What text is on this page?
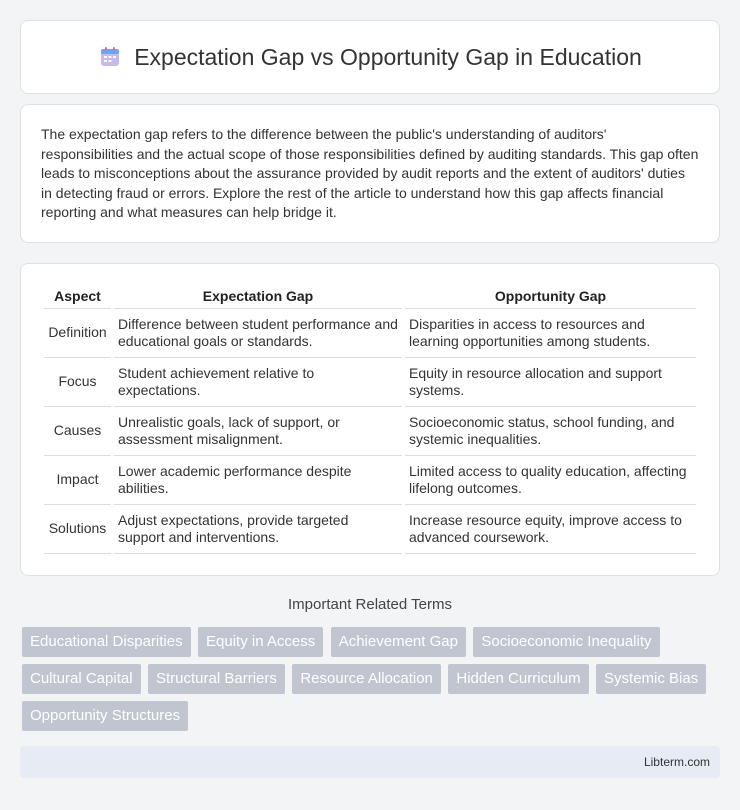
Expectation Gap vs Opportunity Gap in Education

The expectation gap refers to the difference between the public's understanding of auditors' responsibilities and the actual scope of those responsibilities defined by auditing standards. This gap often leads to misconceptions about the assurance provided by audit reports and the extent of auditors' duties in detecting fraud or errors. Explore the rest of the article to understand how this gap affects financial reporting and what measures can help bridge it.

Aspect	Expectation Gap	Opportunity Gap
Definition	Difference between student performance and educational goals or standards.	Disparities in access to resources and learning opportunities among students.
Focus	Student achievement relative to expectations.	Equity in resource allocation and support systems.
Causes	Unrealistic goals, lack of support, or assessment misalignment.	Socioeconomic status, school funding, and systemic inequalities.
Impact	Lower academic performance despite abilities.	Limited access to quality education, affecting lifelong outcomes.
Solutions	Adjust expectations, provide targeted support and interventions.	Increase resource equity, improve access to advanced coursework.
Important Related Terms
Educational Disparities Equity in Access Achievement Gap Socioeconomic Inequality Cultural Capital Structural Barriers Resource Allocation Hidden Curriculum Systemic Bias Opportunity Structures
Libterm.com
